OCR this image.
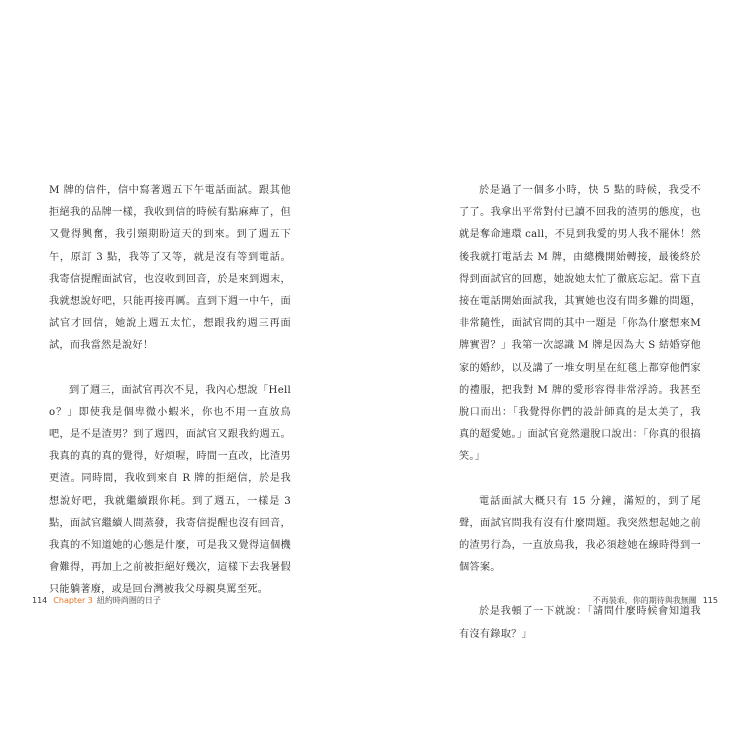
M 牌的信件，信中寫著週五下午電話面試。跟其他拒絕我的品牌一樣，我收到信的時候有點麻痺了，但又覺得興奮，我引頸期盼這天的到來。到了週五下午，原訂 3 點，我等了又等，就是沒有等到電話。我寄信提醒面試官，也沒收到回音，於是來到週末，我就想說好吧，只能再接再厲。直到下週一中午，面試官才回信，她說上週五太忙，想跟我約週三再面試，而我當然是說好！

到了週三，面試官再次不見，我內心想說「Hello？」即使我是個卑微小蝦米，你也不用一直放鳥吧，是不是渣男？到了週四，面試官又跟我約週五。我真的真的真的覺得，好煩喔，時間一直改，比渣男更渣。同時間，我收到來自 R 牌的拒絕信，於是我想說好吧，我就繼續跟你耗。到了週五，一樣是 3 點，面試官繼續人間蒸發，我寄信提醒也沒有回音，我真的不知道她的心態是什麼，可是我又覺得這個機會難得，再加上之前被拒絕好幾次，這樣下去我暑假只能躺著廢，或是回台灣被我父母親臭罵至死。

114 Chapter 3 紐約時尚圈的日子

於是過了一個多小時，快 5 點的時候，我受不了了。我拿出平常對付已讀不回我的渣男的態度，也就是奪命連環 call，不見到我愛的男人我不罷休！然後我就打電話去 M 牌，由總機開始轉接，最後終於得到面試官的回應，她說她太忙了徹底忘記。當下直接在電話開始面試我，其實她也沒有問多難的問題，非常隨性，面試官問的其中一題是「你為什麼想來M牌實習？」我第一次認識 M 牌是因為大 S 結婚穿他家的婚紗，以及講了一堆女明星在紅毯上都穿他們家的禮服，把我對 M 牌的愛形容得非常浮誇。我甚至脫口而出：「我覺得你們的設計師真的是太美了，我真的超愛她。」面試官竟然還脫口說出：「你真的很搞笑。」

電話面試大概只有 15 分鐘，滿短的，到了尾聲，面試官問我有沒有什麼問題。我突然想起她之前的渣男行為，一直放鳥我，我必須趁她在線時得到一個答案。

於是我頓了一下就說：「請問什麼時候會知道我有沒有錄取？」

不再裝乖，你的期待與我無關 115
